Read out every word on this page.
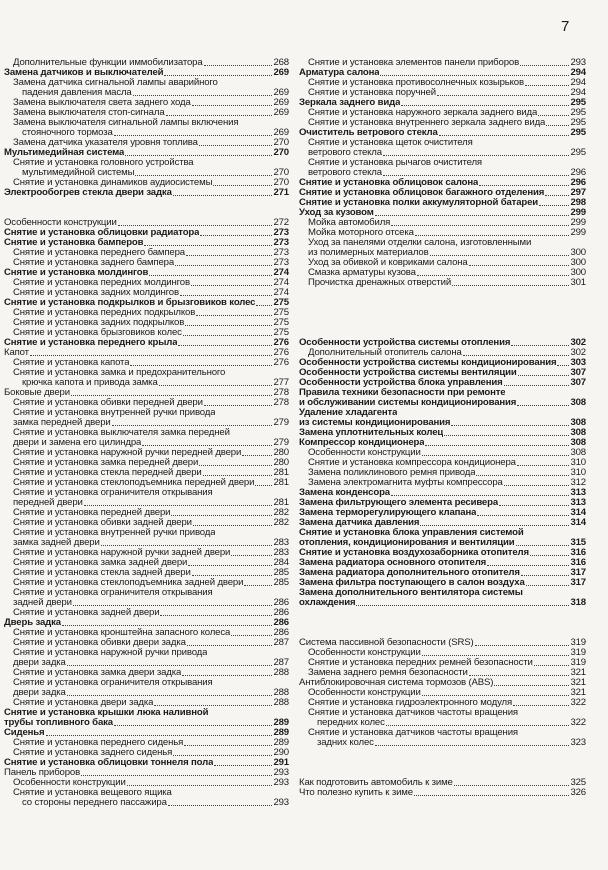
7
Дополнительные функции иммобилизатора	268
Замена датчиков и выключателей	269
Замена датчика сигнальной лампы аварийного
падения давления масла	269
Замена выключателя света заднего хода	269
Замена выключателя стоп-сигнала	269
Замена выключателя сигнальной лампы включения
стояночного тормоза	269
Замена датчика указателя уровня топлива	270
Мультимедийная система	270
Снятие и установка головного устройства
мультимедийной системы	270
Снятие и установка динамиков аудиосистемы	270
Электрообогрев стекла двери задка	271
Особенности конструкции	272
Снятие и установка облицовки радиатора	273
Снятие и установка бамперов	273
Снятие и установка переднего бампера	273
Снятие и установка заднего бампера	273
Снятие и установка молдингов	274
Снятие и установка передних молдингов	274
Снятие и установка задних молдингов	274
Снятие и установка подкрылков и брызговиков колес 275
Снятие и установка передних подкрылков	275
Снятие и установка задних подкрылков	275
Снятие и установка брызговиков колес	275
Снятие и установка переднего крыла	276
Капот	276
Снятие и установка капота	276
Снятие и установка замка и предохранительного
крючка капота и привода замка	277
Боковые двери	278
Снятие и установка обивки передней двери	278
Снятие и установка внутренней ручки привода
замка передней двери	279
Снятие и установка выключателя замка передней
двери и замена его цилиндра	279
Снятие и установка наружной ручки передней двери	280
Снятие и установка замка передней двери	280
Снятие и установка стекла передней двери	281
Снятие и установка стеклоподъемника передней двери 281
Снятие и установка ограничителя открывания
передней двери	281
Снятие и установка передней двери	282
Снятие и установка обивки задней двери	282
Снятие и установка внутренней ручки привода
замка задней двери	283
Снятие и установка наружной ручки задней двери	283
Снятие и установка замка задней двери	284
Снятие и установка стекла задней двери	285
Снятие и установка стеклоподъемника задней двери	285
Снятие и установка ограничителя открывания
задней двери	286
Снятие и установка задней двери	286
Дверь задка	286
Снятие и установка кронштейна запасного колеса	286
Снятие и установка обивки двери задка	287
Снятие и установка наружной ручки привода
двери задка	287
Снятие и установка замка двери задка	288
Снятие и установка ограничителя открывания
двери задка	288
Снятие и установка двери задка	288
Снятие и установка крышки люка наливной
трубы топливного бака	289
Сиденья	289
Снятие и установка переднего сиденья	289
Снятие и установка заднего сиденья	290
Снятие и установка облицовки тоннеля пола	291
Панель приборов	293
Особенности конструкции	293
Снятие и установка вещевого ящика
со стороны переднего пассажира	293
Снятие и установка элементов панели приборов	293
Арматура салона	294
Снятие и установка противосолнечных козырьков	294
Снятие и установка поручней	294
Зеркала заднего вида	295
Снятие и установка наружного зеркала заднего вида	295
Снятие и установка внутреннего зеркала заднего вида	295
Очиститель ветрового стекла	295
Снятие и установка щеток очистителя
ветрового стекла	295
Снятие и установка рычагов очистителя
ветрового стекла	296
Снятие и установка облицовок салона	296
Снятие и установка облицовок багажного отделения	297
Снятие и установка полки аккумуляторной батареи	298
Уход за кузовом	299
Мойка автомобиля	299
Мойка моторного отсека	299
Уход за панелями отделки салона, изготовленными
из полимерных материалов	300
Уход за обивкой и ковриками салона	300
Смазка арматуры кузова	300
Прочистка дренажных отверстий	301
Особенности устройства системы отопления	302
Дополнительный отопитель салона	302
Особенности устройства системы кондиционирования 303
Особенности устройства системы вентиляции	307
Особенности устройства блока управления	307
Правила техники безопасности при ремонте
и обслуживании системы кондиционирования	308
Удаление хладагента
из системы кондиционирования	308
Замена уплотнительных колец	308
Компрессор кондиционера	308
Особенности конструкции	308
Снятие и установка компрессора кондиционера	310
Замена поликлинового ремня привода	310
Замена электромагнита муфты компрессора	312
Замена конденсора	313
Замена фильтрующего элемента ресивера	313
Замена терморегулирующего клапана	314
Замена датчика давления	314
Снятие и установка блока управления системой
отопления, кондиционирования и вентиляции	315
Снятие и установка воздухозаборника отопителя	316
Замена радиатора основного отопителя	316
Замена радиатора дополнительного отопителя	317
Замена фильтра поступающего в салон воздуха	317
Замена дополнительного вентилятора системы
охлаждения	318
Система пассивной безопасности (SRS)	319
Особенности конструкции	319
Снятие и установка передних ремней безопасности	319
Замена заднего ремня безопасности	321
Антиблокировочная система тормозов (ABS)	321
Особенности конструкции	321
Снятие и установка гидроэлектронного модуля	322
Снятие и установка датчиков частоты вращения
передних колес	322
Снятие и установка датчиков частоты вращения
задних колес	323
Как подготовить автомобиль к зиме	325
Что полезно купить к зиме	326
